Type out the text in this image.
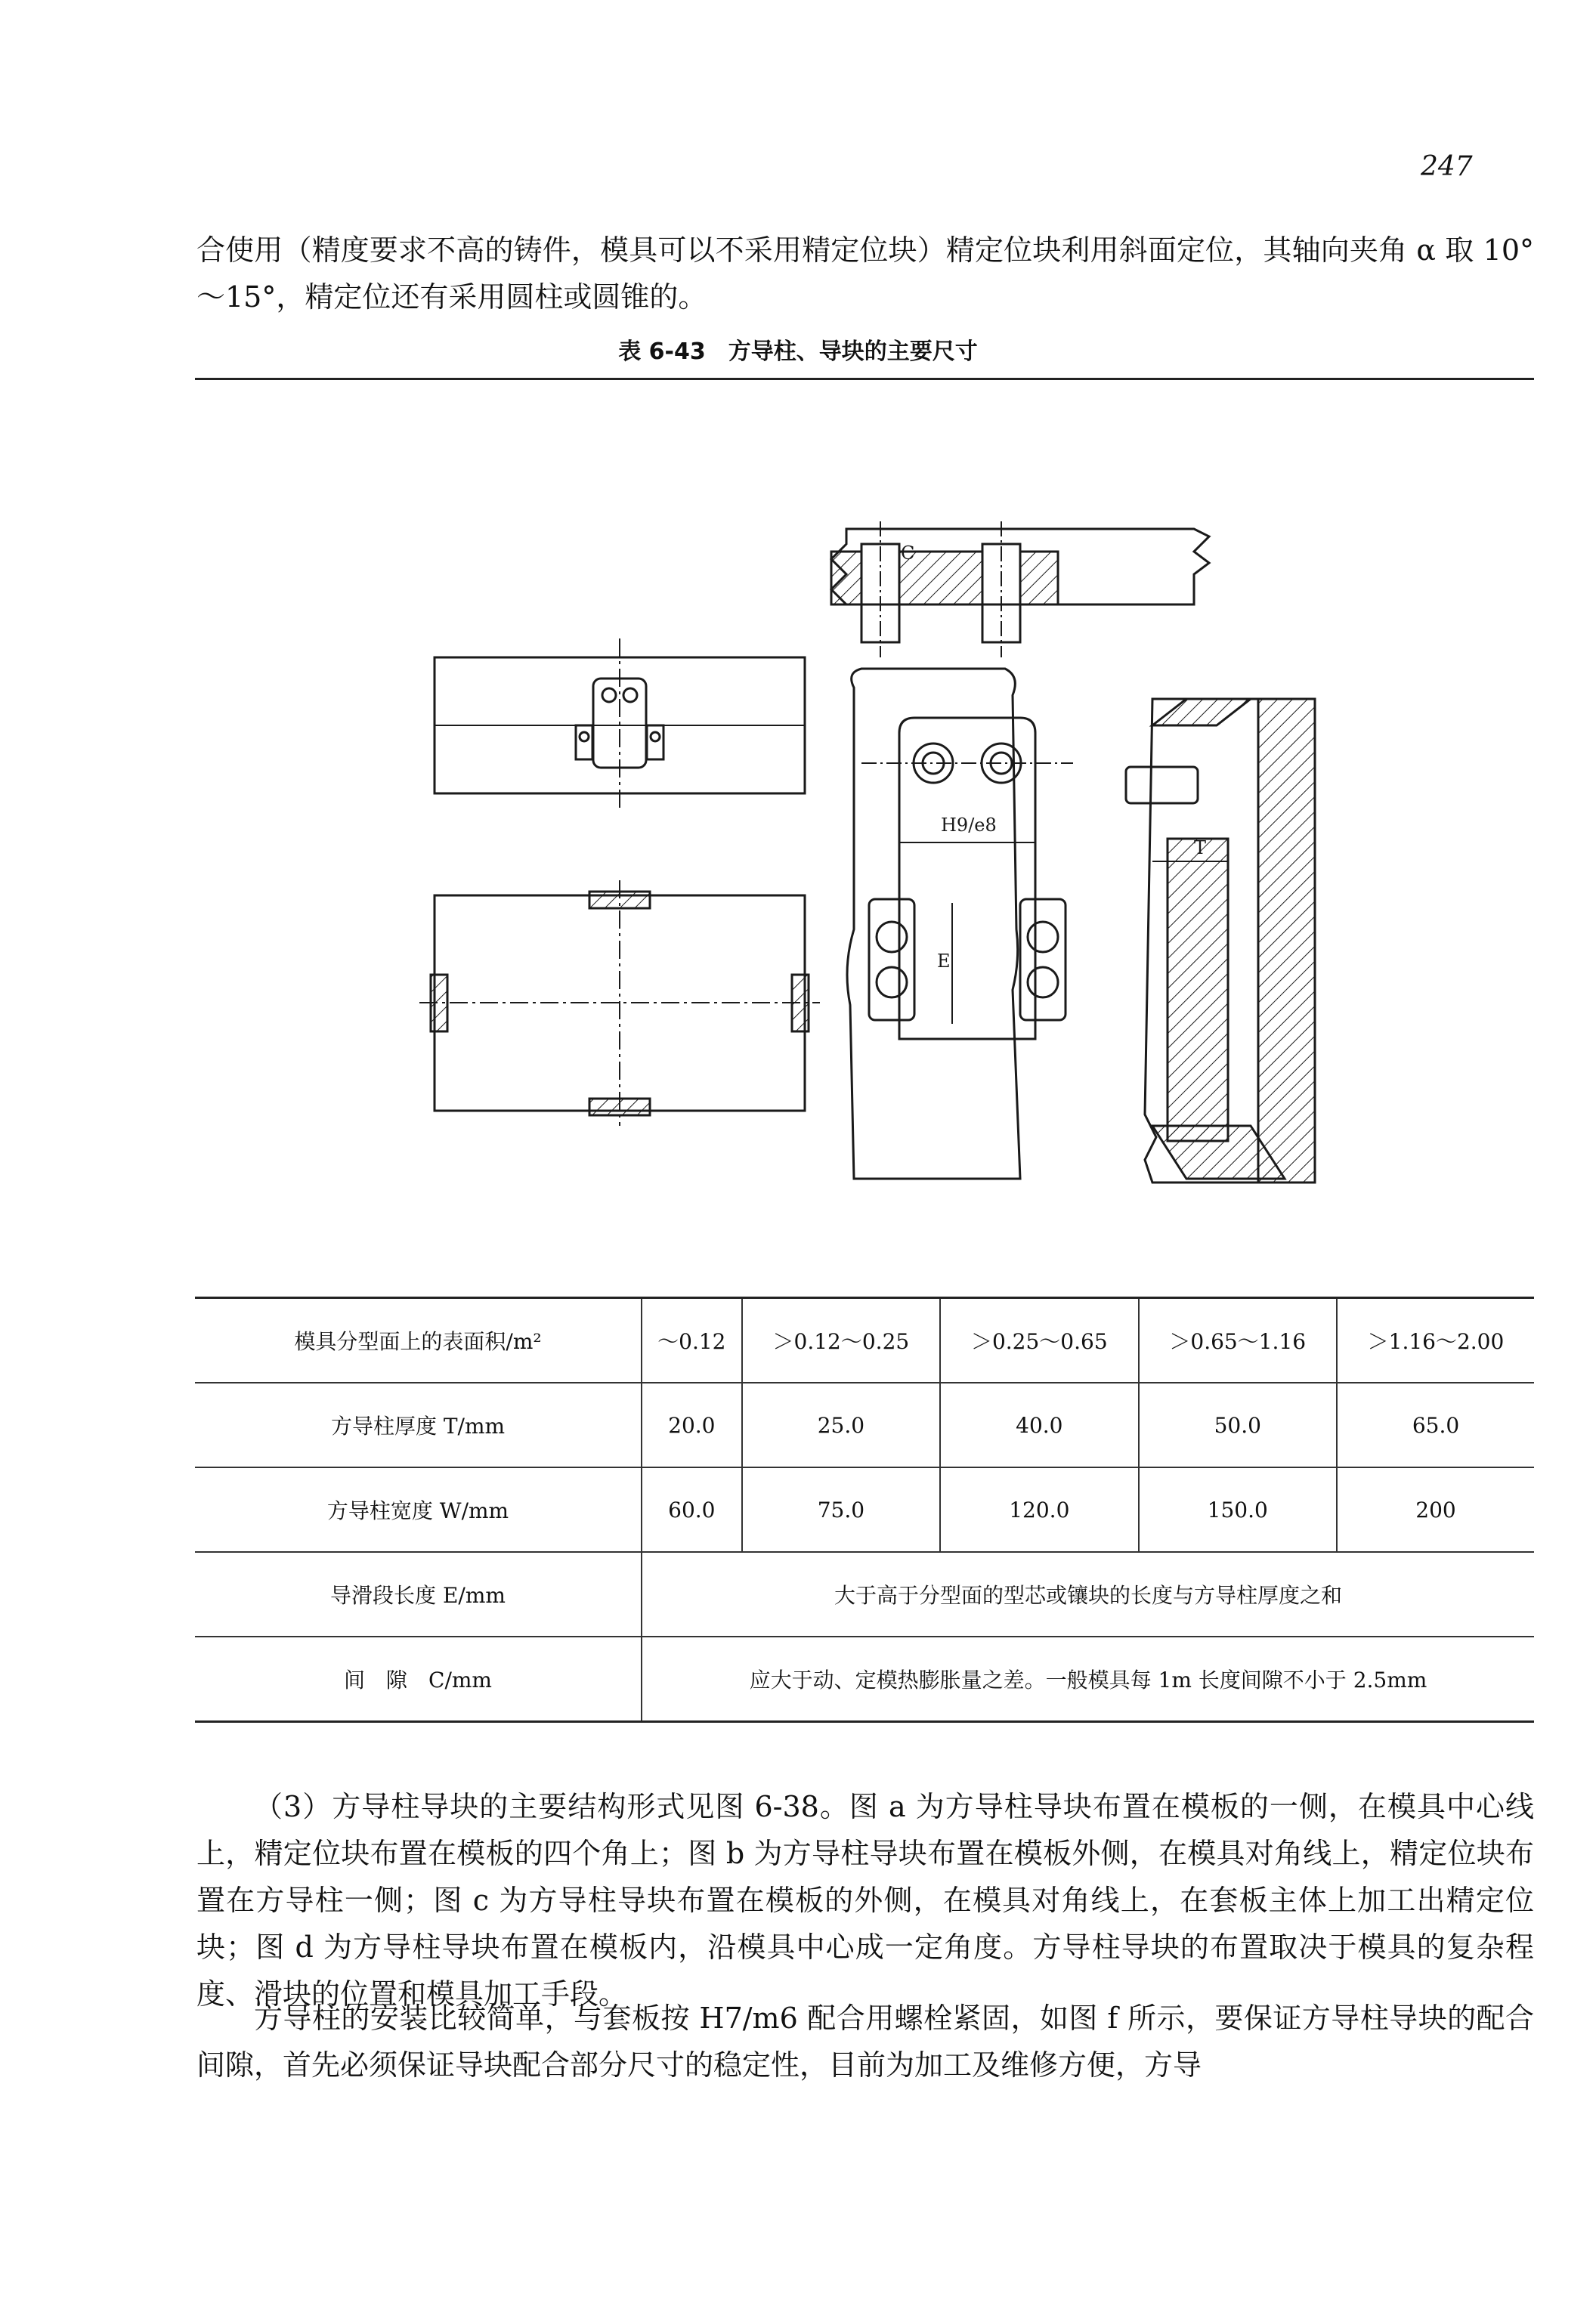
247

合使用（精度要求不高的铸件，模具可以不采用精定位块）精定位块利用斜面定位，其轴向夹角 α 取 10°～15°，精定位还有采用圆柱或圆锥的。

表 6-43　方导柱、导块的主要尺寸
C
H9/e8
E
T
模具分型面上的表面积/m²	～0.12	＞0.12～0.25	＞0.25～0.65	＞0.65～1.16	＞1.16～2.00
方导柱厚度 T/mm	20.0	25.0	40.0	50.0	65.0
方导柱宽度 W/mm	60.0	75.0	120.0	150.0	200
导滑段长度 E/mm	大于高于分型面的型芯或镶块的长度与方导柱厚度之和				
间　隙　C/mm	应大于动、定模热膨胀量之差。一般模具每 1m 长度间隙不小于 2.5mm				

（3）方导柱导块的主要结构形式见图 6-38。图 a 为方导柱导块布置在模板的一侧，在模具中心线上，精定位块布置在模板的四个角上；图 b 为方导柱导块布置在模板外侧，在模具对角线上，精定位块布置在方导柱一侧；图 c 为方导柱导块布置在模板的外侧，在模具对角线上，在套板主体上加工出精定位块；图 d 为方导柱导块布置在模板内，沿模具中心成一定角度。方导柱导块的布置取决于模具的复杂程度、滑块的位置和模具加工手段。

方导柱的安装比较简单，与套板按 H7/m6 配合用螺栓紧固，如图 f 所示，要保证方导柱导块的配合间隙，首先必须保证导块配合部分尺寸的稳定性，目前为加工及维修方便，方导
